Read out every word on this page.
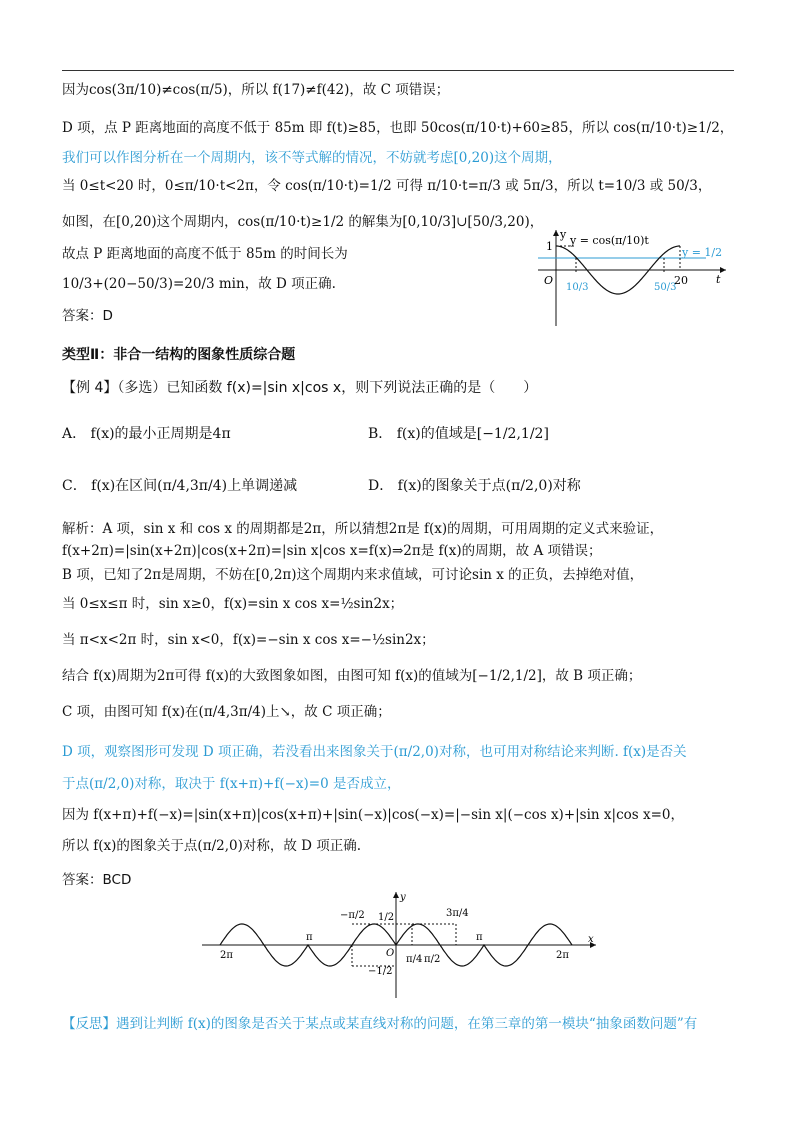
因为cos(3π/10)≠cos(π/5)，所以 f(17)≠f(42)，故 C 项错误；
D 项，点 P 距离地面的高度不低于 85m 即 f(t)≥85，也即 50cos(π/10·t)+60≥85，所以 cos(π/10·t)≥1/2，
我们可以作图分析在一个周期内，该不等式解的情况，不妨就考虑[0,20)这个周期，
当 0≤t<20 时，0≤π/10·t<2π，令 cos(π/10·t)=1/2 可得 π/10·t=π/3 或 5π/3，所以 t=10/3 或 50/3，
如图，在[0,20)这个周期内，cos(π/10·t)≥1/2 的解集为[0,10/3]∪[50/3,20)，
故点 P 距离地面的高度不低于 85m 的时间长为
10/3+(20−50/3)=20/3 min，故 D 项正确.
答案：D
y
t
1
O
y = cos(π/10)t
y = 1/2
10/3	50/3
20
类型Ⅱ：非合一结构的图象性质综合题
【例 4】（多选）已知函数 f(x)=|sin x|cos x，则下列说法正确的是（　　）
A． f(x)的最小正周期是4π	B． f(x)的值域是[−1/2,1/2]
C． f(x)在区间(π/4,3π/4)上单调递减	D． f(x)的图象关于点(π/2,0)对称
解析：A 项，sin x 和 cos x 的周期都是2π，所以猜想2π是 f(x)的周期，可用周期的定义式来验证，
f(x+2π)=|sin(x+2π)|cos(x+2π)=|sin x|cos x=f(x)⇒2π是 f(x)的周期，故 A 项错误；
B 项，已知了2π是周期，不妨在[0,2π)这个周期内来求值域，可讨论sin x 的正负，去掉绝对值，
当 0≤x≤π 时，sin x≥0，f(x)=sin x cos x=½sin2x；
当 π<x<2π 时，sin x<0，f(x)=−sin x cos x=−½sin2x；
结合 f(x)周期为2π可得 f(x)的大致图象如图，由图可知 f(x)的值域为[−1/2,1/2]，故 B 项正确；
C 项，由图可知 f(x)在(π/4,3π/4)上↘，故 C 项正确；
D 项，观察图形可发现 D 项正确，若没看出来图象关于(π/2,0)对称，也可用对称结论来判断. f(x)是否关
于点(π/2,0)对称，取决于 f(x+π)+f(−x)=0 是否成立，
因为 f(x+π)+f(−x)=|sin(x+π)|cos(x+π)+|sin(−x)|cos(−x)=|−sin x|(−cos x)+|sin x|cos x=0，
所以 f(x)的图象关于点(π/2,0)对称，故 D 项正确.
答案：BCD
y
x
O
1/2
−1/2
2π
π
−π/2
π/4 π/2
3π/4
π
2π
【反思】遇到让判断 f(x)的图象是否关于某点或某直线对称的问题，在第三章的第一模块“抽象函数问题”有
